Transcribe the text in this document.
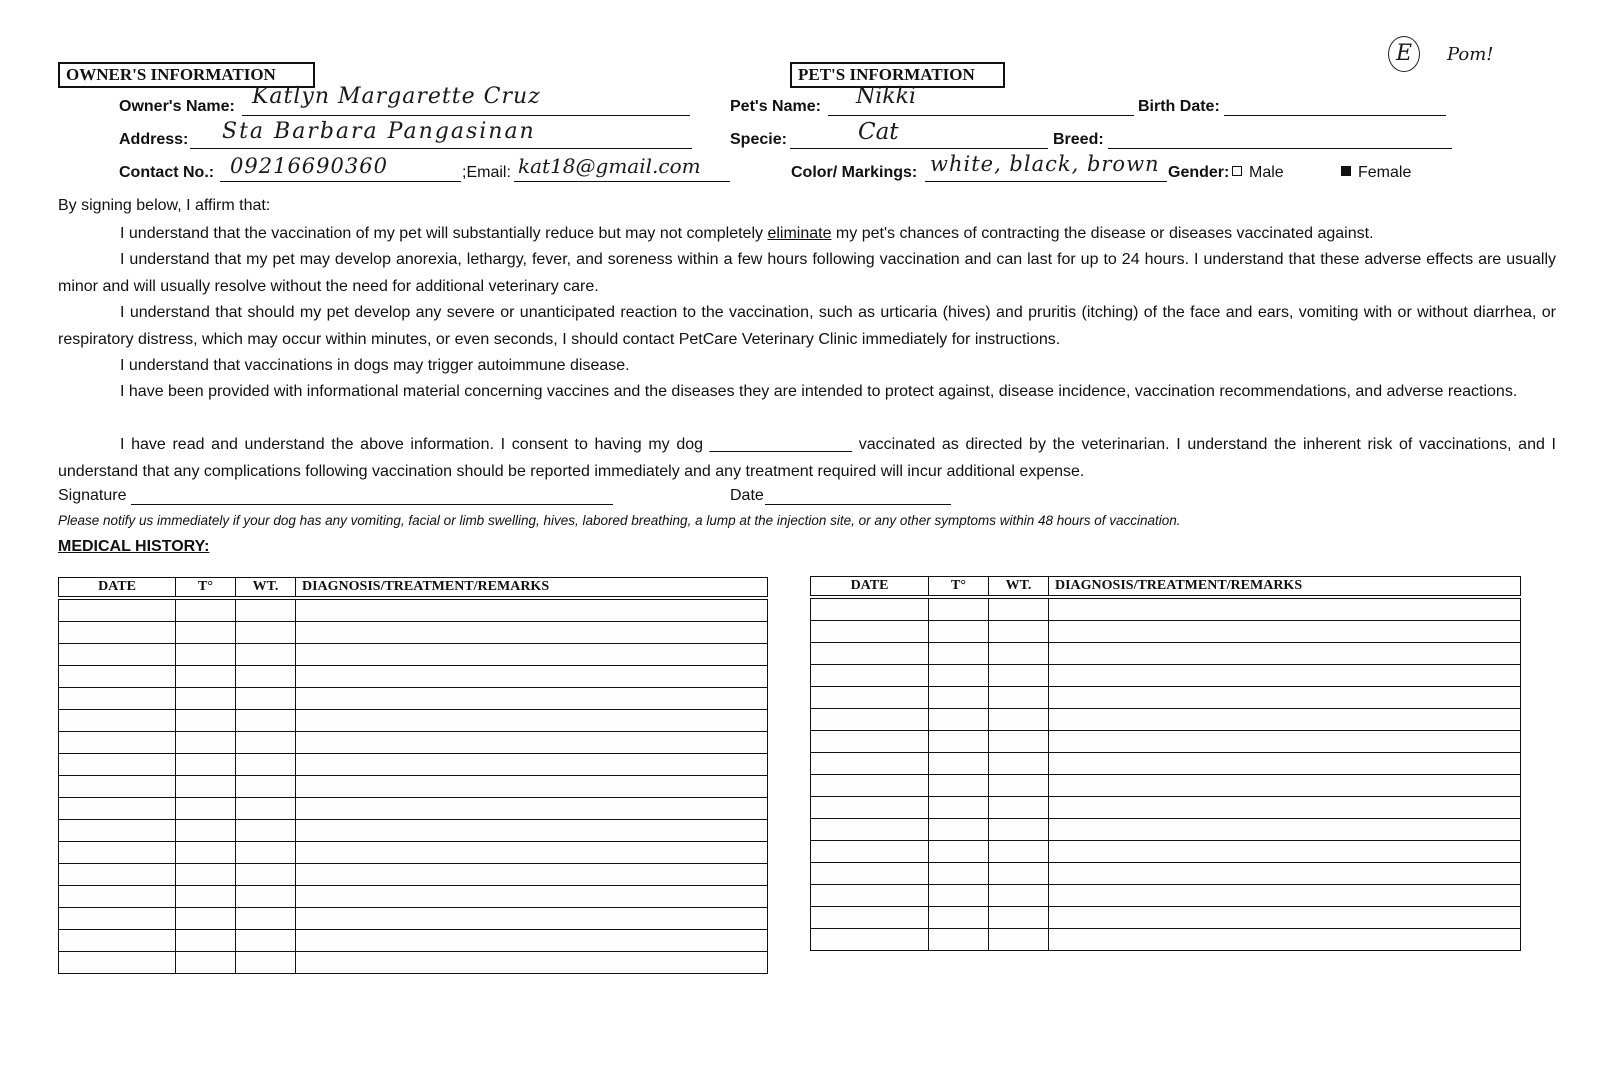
E	Pom!
OWNER'S INFORMATION
Owner's Name: Katlyn Margarette Cruz
Address: Sta Barbara Pangasinan
Contact No.: 09216690360	;Email: kat18@gmail.com
PET'S INFORMATION
Pet's Name: Nikki	Birth Date:
Specie:	Cat	Breed:
Color/ Markings: white, black, brown Gender:	Male	Female
By signing below, I affirm that:
I understand that the vaccination of my pet will substantially reduce but may not completely eliminate my pet's chances of contracting the disease or diseases vaccinated against.
I understand that my pet may develop anorexia, lethargy, fever, and soreness within a few hours following vaccination and can last for up to 24 hours. I understand that these adverse effects are usually minor and will usually resolve without the need for additional veterinary care.
I understand that should my pet develop any severe or unanticipated reaction to the vaccination, such as urticaria (hives) and pruritis (itching) of the face and ears, vomiting with or without diarrhea, or respiratory distress, which may occur within minutes, or even seconds, I should contact PetCare Veterinary Clinic immediately for instructions.
I understand that vaccinations in dogs may trigger autoimmune disease.
I have been provided with informational material concerning vaccines and the diseases they are intended to protect against, disease incidence, vaccination recommendations, and adverse reactions.
I have read and understand the above information. I consent to having my dog ________________ vaccinated as directed by the veterinarian. I understand the inherent risk of vaccinations, and I understand that any complications following vaccination should be reported immediately and any treatment required will incur additional expense.
Signature	Date
Please notify us immediately if your dog has any vomiting, facial or limb swelling, hives, labored breathing, a lump at the injection site, or any other symptoms within 48 hours of vaccination.
MEDICAL HISTORY:
DATE	T°	WT.	DIAGNOSIS/TREATMENT/REMARKS

				DATE	T°	WT.	DIAGNOSIS/TREATMENT/REMARKS
